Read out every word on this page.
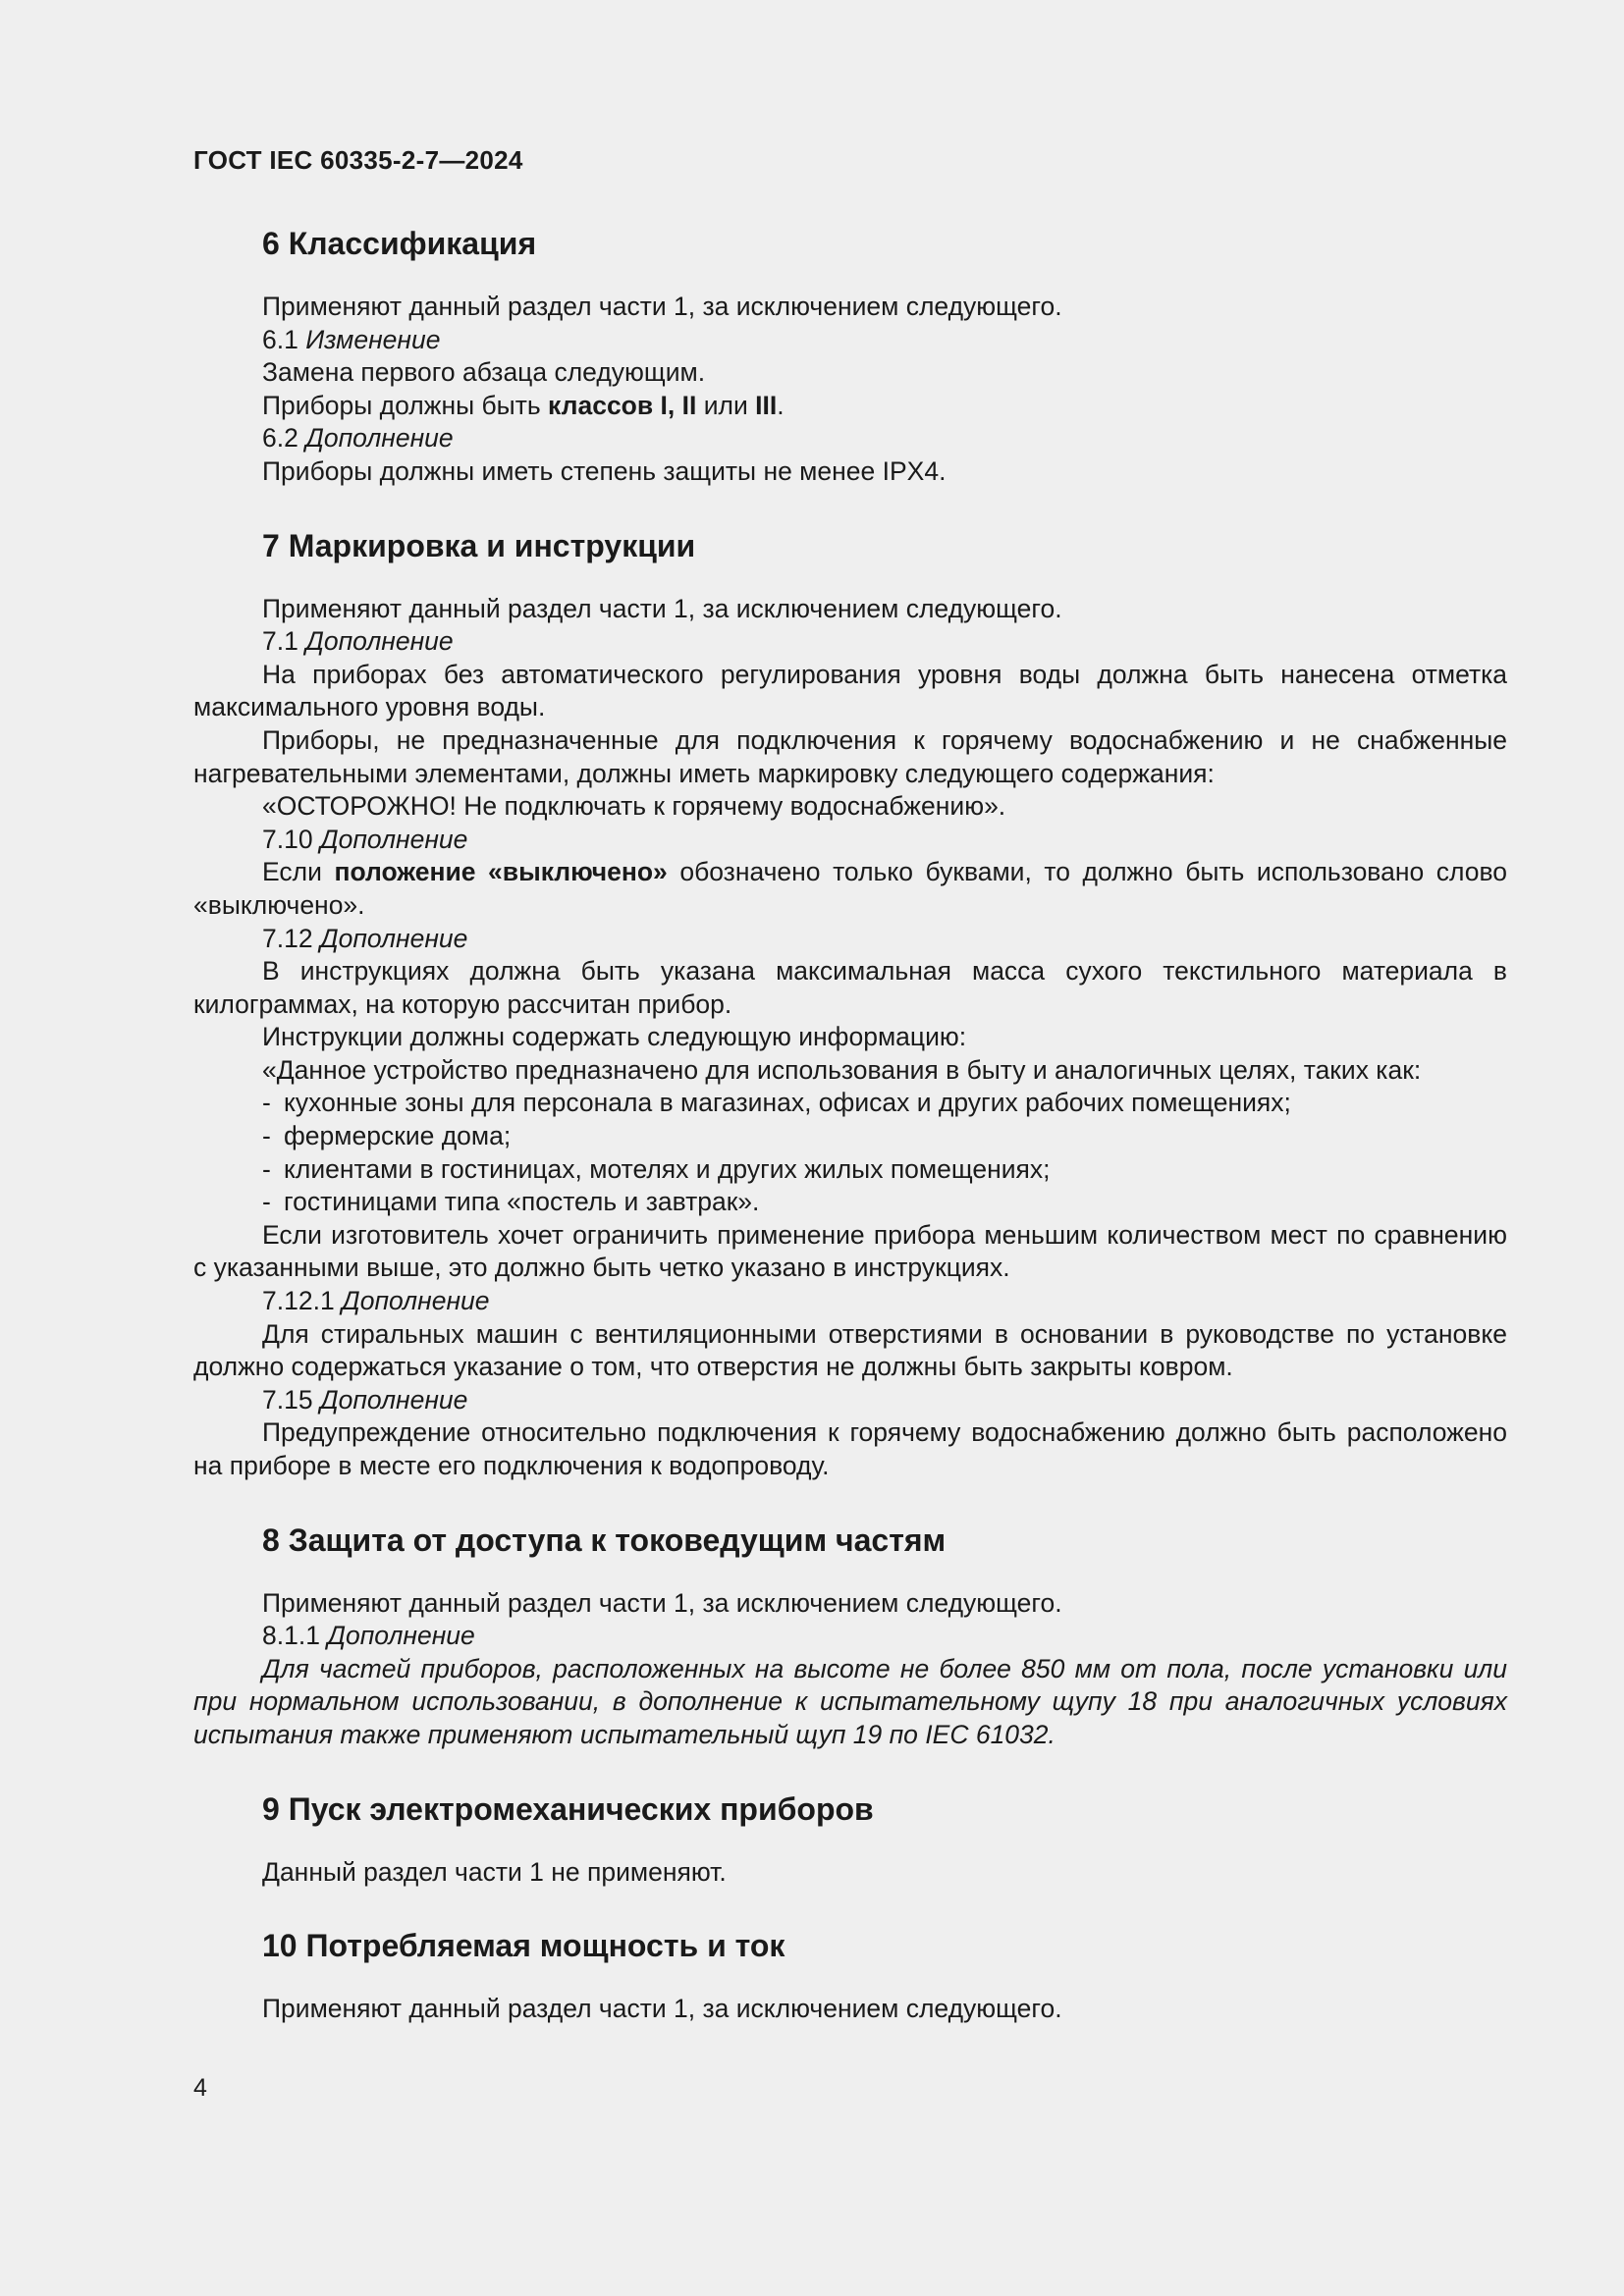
ГОСТ IEC 60335-2-7—2024
6 Классификация

Применяют данный раздел части 1, за исключением следующего.

6.1 Изменение

Замена первого абзаца следующим.

Приборы должны быть классов I, II или III.

6.2 Дополнение

Приборы должны иметь степень защиты не менее IPX4.

7 Маркировка и инструкции

Применяют данный раздел части 1, за исключением следующего.

7.1 Дополнение

На приборах без автоматического регулирования уровня воды должна быть нанесена отметка максимального уровня воды.

Приборы, не предназначенные для подключения к горячему водоснабжению и не снабженные нагревательными элементами, должны иметь маркировку следующего содержания:

«ОСТОРОЖНО! Не подключать к горячему водоснабжению».

7.10 Дополнение

Если положение «выключено» обозначено только буквами, то должно быть использовано слово «выключено».

7.12 Дополнение

В инструкциях должна быть указана максимальная масса сухого текстильного материала в килограммах, на которую рассчитан прибор.

Инструкции должны содержать следующую информацию:

«Данное устройство предназначено для использования в быту и аналогичных целях, таких как:

- кухонные зоны для персонала в магазинах, офисах и других рабочих помещениях;

- фермерские дома;

- клиентами в гостиницах, мотелях и других жилых помещениях;

- гостиницами типа «постель и завтрак».

Если изготовитель хочет ограничить применение прибора меньшим количеством мест по сравнению с указанными выше, это должно быть четко указано в инструкциях.

7.12.1 Дополнение

Для стиральных машин с вентиляционными отверстиями в основании в руководстве по установке должно содержаться указание о том, что отверстия не должны быть закрыты ковром.

7.15 Дополнение

Предупреждение относительно подключения к горячему водоснабжению должно быть расположено на приборе в месте его подключения к водопроводу.

8 Защита от доступа к токоведущим частям

Применяют данный раздел части 1, за исключением следующего.

8.1.1 Дополнение

Для частей приборов, расположенных на высоте не более 850 мм от пола, после установки или при нормальном использовании, в дополнение к испытательному щупу 18 при аналогичных условиях испытания также применяют испытательный щуп 19 по IEC 61032.

9 Пуск электромеханических приборов

Данный раздел части 1 не применяют.

10 Потребляемая мощность и ток

Применяют данный раздел части 1, за исключением следующего.

4
